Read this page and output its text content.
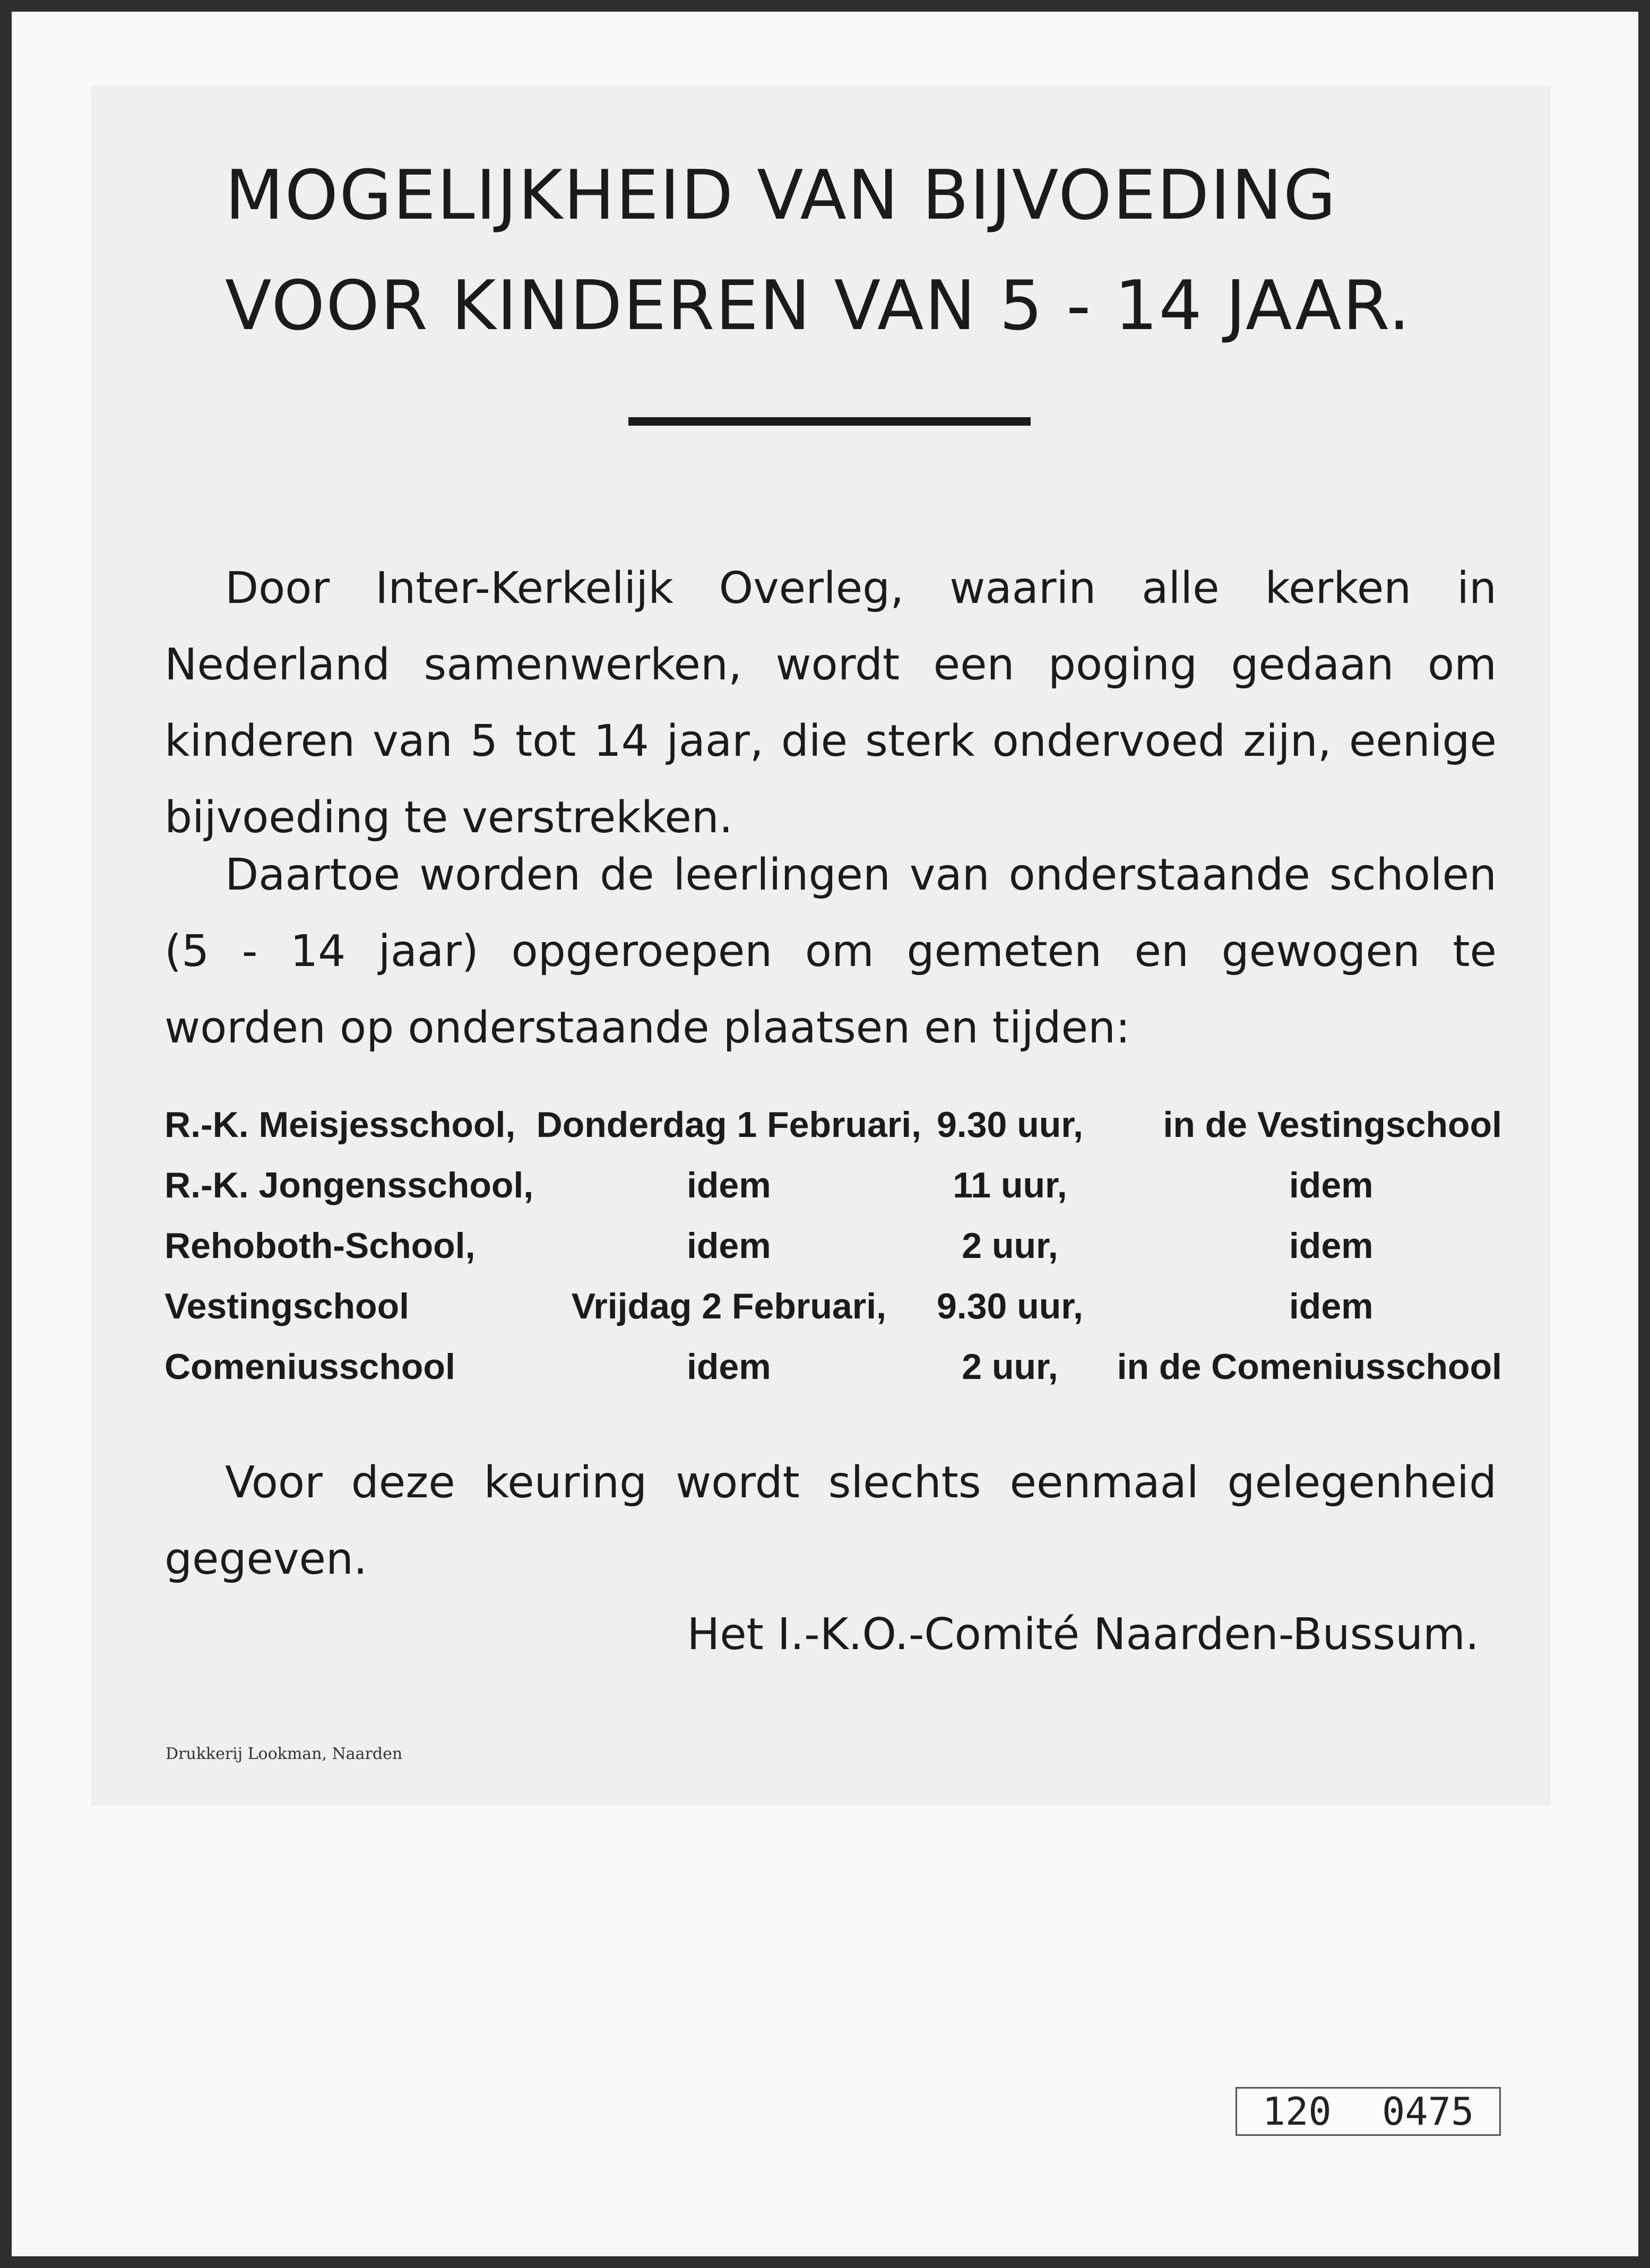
MOGELIJKHEID VAN BIJVOEDING
VOOR KINDEREN VAN 5 - 14 JAAR.

Door Inter-Kerkelijk Overleg, waarin alle kerken in Nederland samenwerken, wordt een poging gedaan om kinderen van 5 tot 14 jaar, die sterk ondervoed zijn, eenige bijvoeding te verstrekken.

Daartoe worden de leerlingen van onderstaande scholen (5 - 14 jaar) opgeroepen om gemeten en gewogen te worden op onderstaande plaatsen en tijden:

R.-K. Meisjesschool,	Donderdag 1 Februari,	9.30 uur,	in de Vestingschool
R.-K. Jongensschool,	idem	11 uur,	idem
Rehoboth-School,	idem	2 uur,	idem
Vestingschool	Vrijdag 2 Februari,	9.30 uur,	idem
Comeniusschool	idem	2 uur,	in de Comeniusschool

Voor deze keuring wordt slechts eenmaal gelegenheid gegeven.

Het I.-K.O.-Comité Naarden-Bussum.
Drukkerij Lookman, Naarden
120 0475
